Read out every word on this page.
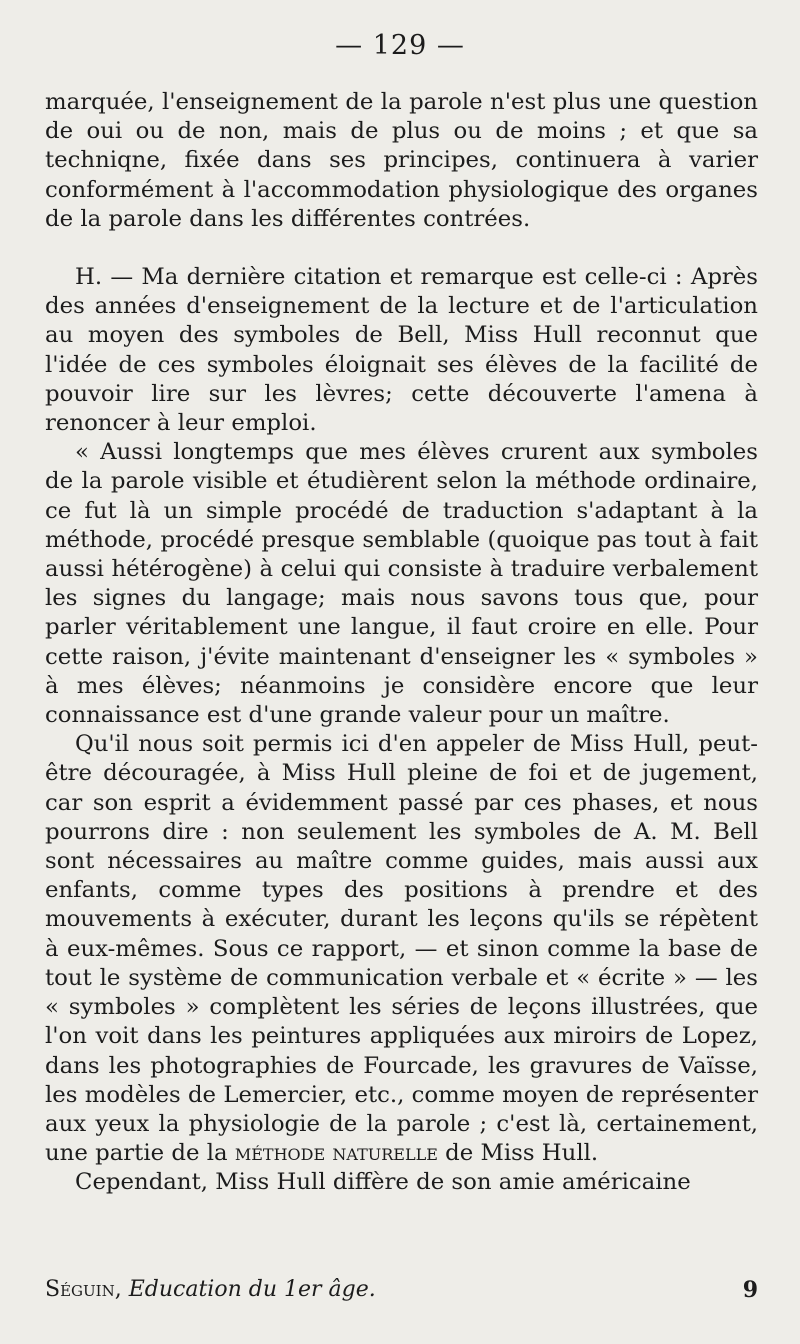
— 129 —

marquée, l'enseignement de la parole n'est plus une question de oui ou de non, mais de plus ou de moins ; et que sa techniqne, fixée dans ses principes, continuera à varier conformément à l'accommodation physiologique des organes de la parole dans les différentes contrées.

H. — Ma dernière citation et remarque est celle-ci : Après des années d'enseignement de la lecture et de l'articulation au moyen des symboles de Bell, Miss Hull reconnut que l'idée de ces symboles éloignait ses élèves de la facilité de pouvoir lire sur les lèvres; cette découverte l'amena à renoncer à leur emploi.

« Aussi longtemps que mes élèves crurent aux symboles de la parole visible et étudièrent selon la méthode ordinaire, ce fut là un simple procédé de traduction s'adaptant à la méthode, procédé presque semblable (quoique pas tout à fait aussi hétérogène) à celui qui consiste à traduire verbalement les signes du langage; mais nous savons tous que, pour parler véritablement une langue, il faut croire en elle. Pour cette raison, j'évite maintenant d'enseigner les « symboles » à mes élèves; néanmoins je considère encore que leur connaissance est d'une grande valeur pour un maître.

Qu'il nous soit permis ici d'en appeler de Miss Hull, peut-être découragée, à Miss Hull pleine de foi et de jugement, car son esprit a évidemment passé par ces phases, et nous pourrons dire : non seulement les symboles de A. M. Bell sont nécessaires au maître comme guides, mais aussi aux enfants, comme types des positions à prendre et des mouvements à exécuter, durant les leçons qu'ils se répètent à eux-mêmes. Sous ce rapport, — et sinon comme la base de tout le système de communication verbale et « écrite » — les « symboles » complètent les séries de leçons illustrées, que l'on voit dans les peintures appliquées aux miroirs de Lopez, dans les photographies de Fourcade, les gravures de Vaïsse, les modèles de Lemercier, etc., comme moyen de représenter aux yeux la physiologie de la parole ; c'est là, certainement, une partie de la méthode naturelle de Miss Hull.

Cependant, Miss Hull diffère de son amie américaine

Séguin, Education du 1er âge.	9
